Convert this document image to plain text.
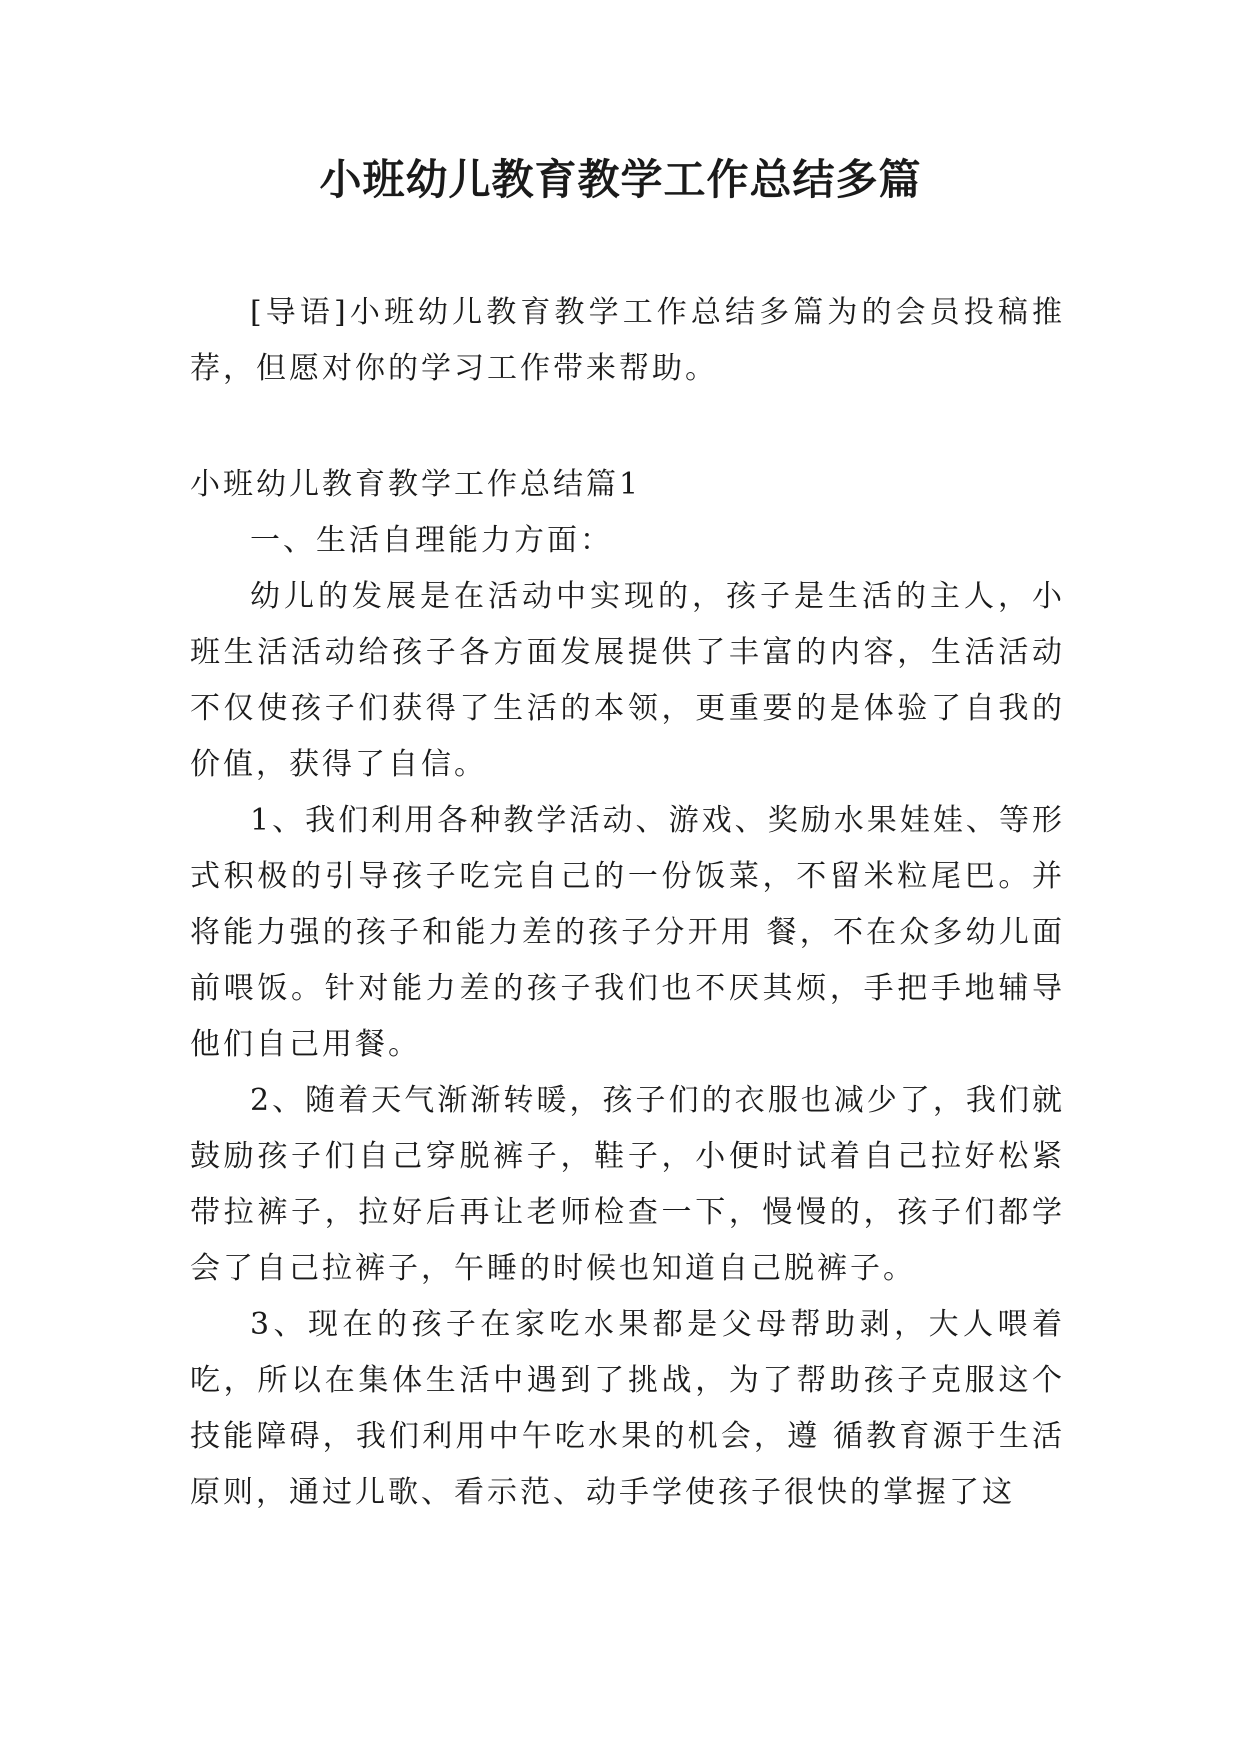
小班幼儿教育教学工作总结多篇

[导语]小班幼儿教育教学工作总结多篇为的会员投稿推荐，但愿对你的学习工作带来帮助。

小班幼儿教育教学工作总结篇1

一、生活自理能力方面：

幼儿的发展是在活动中实现的，孩子是生活的主人，小班生活活动给孩子各方面发展提供了丰富的内容，生活活动不仅使孩子们获得了生活的本领，更重要的是体验了自我的价值，获得了自信。

1、我们利用各种教学活动、游戏、奖励水果娃娃、等形式积极的引导孩子吃完自己的一份饭菜，不留米粒尾巴。并将能力强的孩子和能力差的孩子分开用 餐，不在众多幼儿面前喂饭。针对能力差的孩子我们也不厌其烦，手把手地辅导他们自己用餐。

2、随着天气渐渐转暖，孩子们的衣服也减少了，我们就鼓励孩子们自己穿脱裤子，鞋子，小便时试着自己拉好松紧带拉裤子，拉好后再让老师检查一下，慢慢的，孩子们都学会了自己拉裤子，午睡的时候也知道自己脱裤子。

3、现在的孩子在家吃水果都是父母帮助剥，大人喂着吃，所以在集体生活中遇到了挑战，为了帮助孩子克服这个技能障碍，我们利用中午吃水果的机会，遵 循教育源于生活原则，通过儿歌、看示范、动手学使孩子很快的掌握了这
